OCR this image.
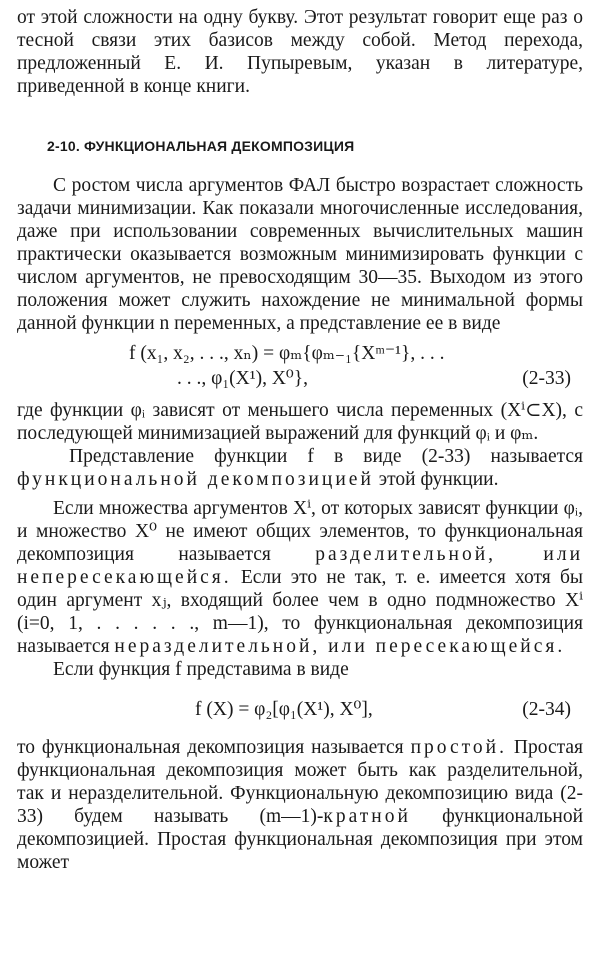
от этой сложности на одну букву. Этот результат говорит еще раз о тесной связи этих базисов между собой. Метод перехода, предложенный Е. И. Пупыревым, указан в литературе, приведенной в конце книги.

2-10. ФУНКЦИОНАЛЬНАЯ ДЕКОМПОЗИЦИЯ

С ростом числа аргументов ФАЛ быстро возрастает сложность задачи минимизации. Как показали многочисленные исследования, даже при использовании современных вычислительных машин практически оказывается возможным минимизировать функции с числом аргументов, не превосходящим 30—35. Выходом из этого положения может служить нахождение не минимальной формы данной функции n переменных, а представление ее в виде

f (x₁, x₂, . . ., xₙ) = φₘ{φₘ₋₁{Xᵐ⁻¹}, . . .
. . ., φ₁(X¹), X⁰},	(2-33)

где функции φᵢ зависят от меньшего числа переменных (Xⁱ⊂X), с последующей минимизацией выражений для функций φᵢ и φₘ.

Представление функции f в виде (2-33) называется функциональной декомпозицией этой функции.

Если множества аргументов Xⁱ, от которых зависят функции φᵢ, и множество X⁰ не имеют общих элементов, то функциональная декомпозиция называется разделительной, или непересекающейся. Если это не так, т. е. имеется хотя бы один аргумент xⱼ, входящий более чем в одно подмножество Xⁱ (i=0, 1, . . . . . ., m—1), то функциональная декомпозиция называется неразделительной, или пересекающейся.

Если функция f представима в виде

f (X) = φ₂[φ₁(X¹), X⁰],	(2-34)

то функциональная декомпозиция называется простой. Простая функциональная декомпозиция может быть как разделительной, так и неразделительной. Функциональную декомпозицию вида (2-33) будем называть (m—1)-кратной функциональной декомпозицией. Простая функциональная декомпозиция при этом может
